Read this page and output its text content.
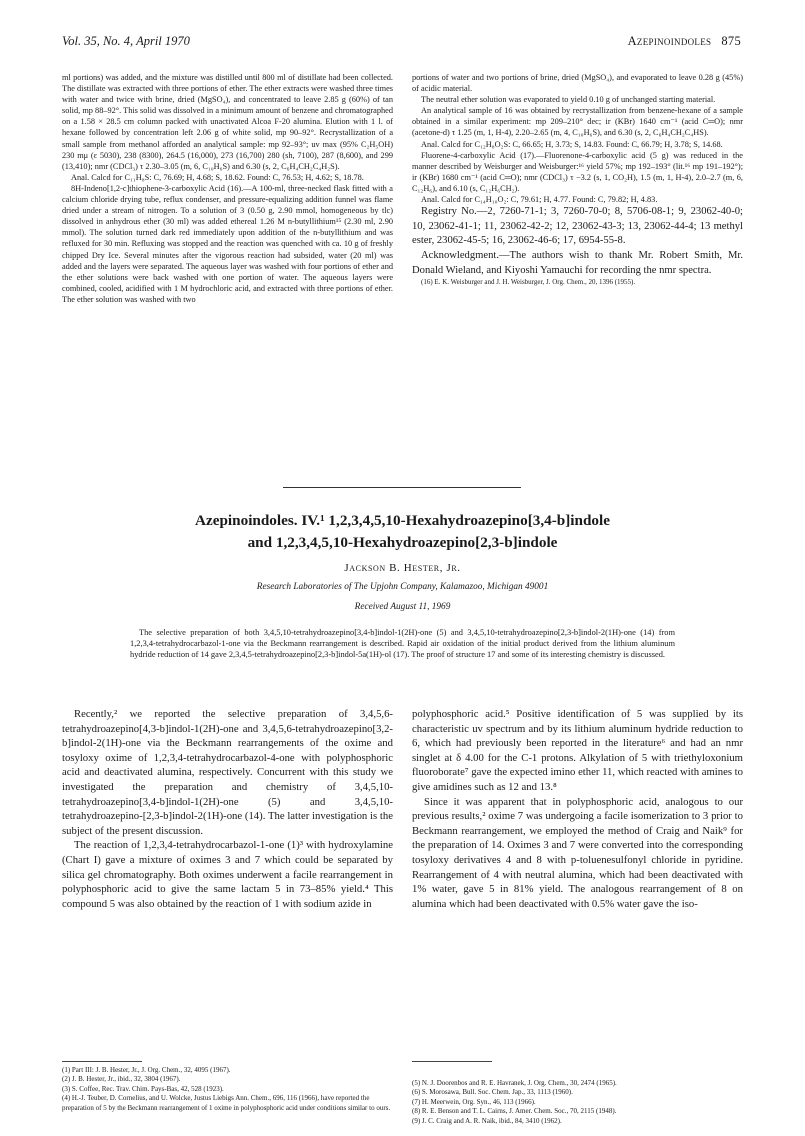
Vol. 35, No. 4, April 1970	Azepinoindoles 875

ml portions) was added, and the mixture was distilled until 800 ml of distillate had been collected. The distillate was extracted with three portions of ether. The ether extracts were washed three times with water and twice with brine, dried (MgSO₄), and concentrated to leave 2.85 g (60%) of tan solid, mp 88–92°. This solid was dissolved in a minimum amount of benzene and chromatographed on a 1.58 × 28.5 cm column packed with unactivated Alcoa F-20 alumina. Elution with 1 l. of hexane followed by concentration left 2.06 g of white solid, mp 90–92°. Recrystallization of a small sample from methanol afforded an analytical sample: mp 92–93°; uv max (95% C₂H₅OH) 230 mμ (ε 5030), 238 (8300), 264.5 (16,000), 273 (16,700) 280 (sh, 7100), 287 (8,600), and 299 (13,410); nmr (CDCl₃) τ 2.30–3.05 (m, 6, C₁₀H₆S) and 6.30 (s, 2, C₆H₄CH₂C₄H₂S).

Anal. Calcd for C₁₁H₈S: C, 76.69; H, 4.68; S, 18.62. Found: C, 76.53; H, 4.62; S, 18.78.

8H-Indeno[1,2-c]thiophene-3-carboxylic Acid (16).—A 100-ml, three-necked flask fitted with a calcium chloride drying tube, reflux condenser, and pressure-equalizing addition funnel was flame dried under a stream of nitrogen. To a solution of 3 (0.50 g, 2.90 mmol, homogeneous by tlc) dissolved in anhydrous ether (30 ml) was added ethereal 1.26 M n-butyllithium¹⁵ (2.30 ml, 2.90 mmol). The solution turned dark red immediately upon addition of the n-butyllithium and was refluxed for 30 min. Refluxing was stopped and the reaction was quenched with ca. 10 g of freshly chipped Dry Ice. Several minutes after the vigorous reaction had subsided, water (20 ml) was added and the layers were separated. The aqueous layer was washed with four portions of ether and the ether solutions were back washed with one portion of water. The aqueous layers were combined, cooled, acidified with 1 M hydrochloric acid, and extracted with three portions of ether. The ether solution was washed with two

portions of water and two portions of brine, dried (MgSO₄), and evaporated to leave 0.28 g (45%) of acidic material.

The neutral ether solution was evaporated to yield 0.10 g of unchanged starting material.

An analytical sample of 16 was obtained by recrystallization from benzene-hexane of a sample obtained in a similar experiment: mp 209–210° dec; ir (KBr) 1640 cm⁻¹ (acid C═O); nmr (acetone-d) τ 1.25 (m, 1, H-4), 2.20–2.65 (m, 4, C₁₀H₆S), and 6.30 (s, 2, C₆H₄CH₂C₄HS).

Anal. Calcd for C₁₂H₈O₂S: C, 66.65; H, 3.73; S, 14.83. Found: C, 66.79; H, 3.78; S, 14.68.

Fluorene-4-carboxylic Acid (17).—Fluorenone-4-carboxylic acid (5 g) was reduced in the manner described by Weisburger and Weisburger:¹⁶ yield 57%; mp 192–193° (lit.¹⁶ mp 191–192°); ir (KBr) 1680 cm⁻¹ (acid C═O); nmr (CDCl₃) τ −3.2 (s, 1, CO₂H), 1.5 (m, 1, H-4), 2.0–2.7 (m, 6, C₁₂H₆), and 6.10 (s, C₁₂H₆CH₂).

Anal. Calcd for C₁₄H₁₀O₂: C, 79.61; H, 4.77. Found: C, 79.82; H, 4.83.

Registry No.—2, 7260-71-1; 3, 7260-70-0; 8, 5706-08-1; 9, 23062-40-0; 10, 23062-41-1; 11, 23062-42-2; 12, 23062-43-3; 13, 23062-44-4; 13 methyl ester, 23062-45-5; 16, 23062-46-6; 17, 6954-55-8.

Acknowledgment.—The authors wish to thank Mr. Robert Smith, Mr. Donald Wieland, and Kiyoshi Yamauchi for recording the nmr spectra.

(16) E. K. Weisburger and J. H. Weisburger, J. Org. Chem., 20, 1396 (1955).

Azepinoindoles. IV.¹ 1,2,3,4,5,10-Hexahydroazepino[3,4-b]indole
and 1,2,3,4,5,10-Hexahydroazepino[2,3-b]indole
Jackson B. Hester, Jr.
Research Laboratories of The Upjohn Company, Kalamazoo, Michigan 49001
Received August 11, 1969

The selective preparation of both 3,4,5,10-tetrahydroazepino[3,4-b]indol-1(2H)-one (5) and 3,4,5,10-tetrahydroazepino[2,3-b]indol-2(1H)-one (14) from 1,2,3,4-tetrahydrocarbazol-1-one via the Beckmann rearrangement is described. Rapid air oxidation of the initial product derived from the lithium aluminum hydride reduction of 14 gave 2,3,4,5-tetrahydroazepino[2,3-b]indol-5a(1H)-ol (17). The proof of structure 17 and some of its interesting chemistry is discussed.

Recently,² we reported the selective preparation of 3,4,5,6-tetrahydroazepino[4,3-b]indol-1(2H)-one and 3,4,5,6-tetrahydroazepino[3,2-b]indol-2(1H)-one via the Beckmann rearrangements of the oxime and tosyloxy oxime of 1,2,3,4-tetrahydrocarbazol-4-one with polyphosphoric acid and deactivated alumina, respectively. Concurrent with this study we investigated the preparation and chemistry of 3,4,5,10-tetrahydroazepino[3,4-b]indol-1(2H)-one (5) and 3,4,5,10-tetrahydroazepino-[2,3-b]indol-2(1H)-one (14). The latter investigation is the subject of the present discussion.

The reaction of 1,2,3,4-tetrahydrocarbazol-1-one (1)³ with hydroxylamine (Chart I) gave a mixture of oximes 3 and 7 which could be separated by silica gel chromatography. Both oximes underwent a facile rearrangement in polyphosphoric acid to give the same lactam 5 in 73–85% yield.⁴ This compound 5 was also obtained by the reaction of 1 with sodium azide in

polyphosphoric acid.⁵ Positive identification of 5 was supplied by its characteristic uv spectrum and by its lithium aluminum hydride reduction to 6, which had previously been reported in the literature⁶ and had an nmr singlet at δ 4.00 for the C-1 protons. Alkylation of 5 with triethyloxonium fluoroborate⁷ gave the expected imino ether 11, which reacted with amines to give amidines such as 12 and 13.⁸

Since it was apparent that in polyphosphoric acid, analogous to our previous results,² oxime 7 was undergoing a facile isomerization to 3 prior to Beckmann rearrangement, we employed the method of Craig and Naik⁹ for the preparation of 14. Oximes 3 and 7 were converted into the corresponding tosyloxy derivatives 4 and 8 with p-toluenesulfonyl chloride in pyridine. Rearrangement of 4 with neutral alumina, which had been deactivated with 1% water, gave 5 in 81% yield. The analogous rearrangement of 8 on alumina which had been deactivated with 0.5% water gave the iso-

(1) Part III: J. B. Hester, Jr., J. Org. Chem., 32, 4095 (1967).
(2) J. B. Hester, Jr., ibid., 32, 3804 (1967).
(3) S. Coffee, Rec. Trav. Chim. Pays-Bas, 42, 528 (1923).
(4) H.-J. Teuber, D. Cornelius, and U. Wolcke, Justus Liebigs Ann. Chem., 696, 116 (1966), have reported the preparation of 5 by the Beckmann rearrangement of 1 oxime in polyphosphoric acid under conditions similar to ours.
(5) N. J. Doorenbos and R. E. Havranek, J. Org. Chem., 30, 2474 (1965).
(6) S. Morosawa, Bull. Soc. Chem. Jap., 33, 1113 (1960).
(7) H. Meerwein, Org. Syn., 46, 113 (1966).
(8) R. E. Benson and T. L. Cairns, J. Amer. Chem. Soc., 70, 2115 (1948).
(9) J. C. Craig and A. R. Naik, ibid., 84, 3410 (1962).
